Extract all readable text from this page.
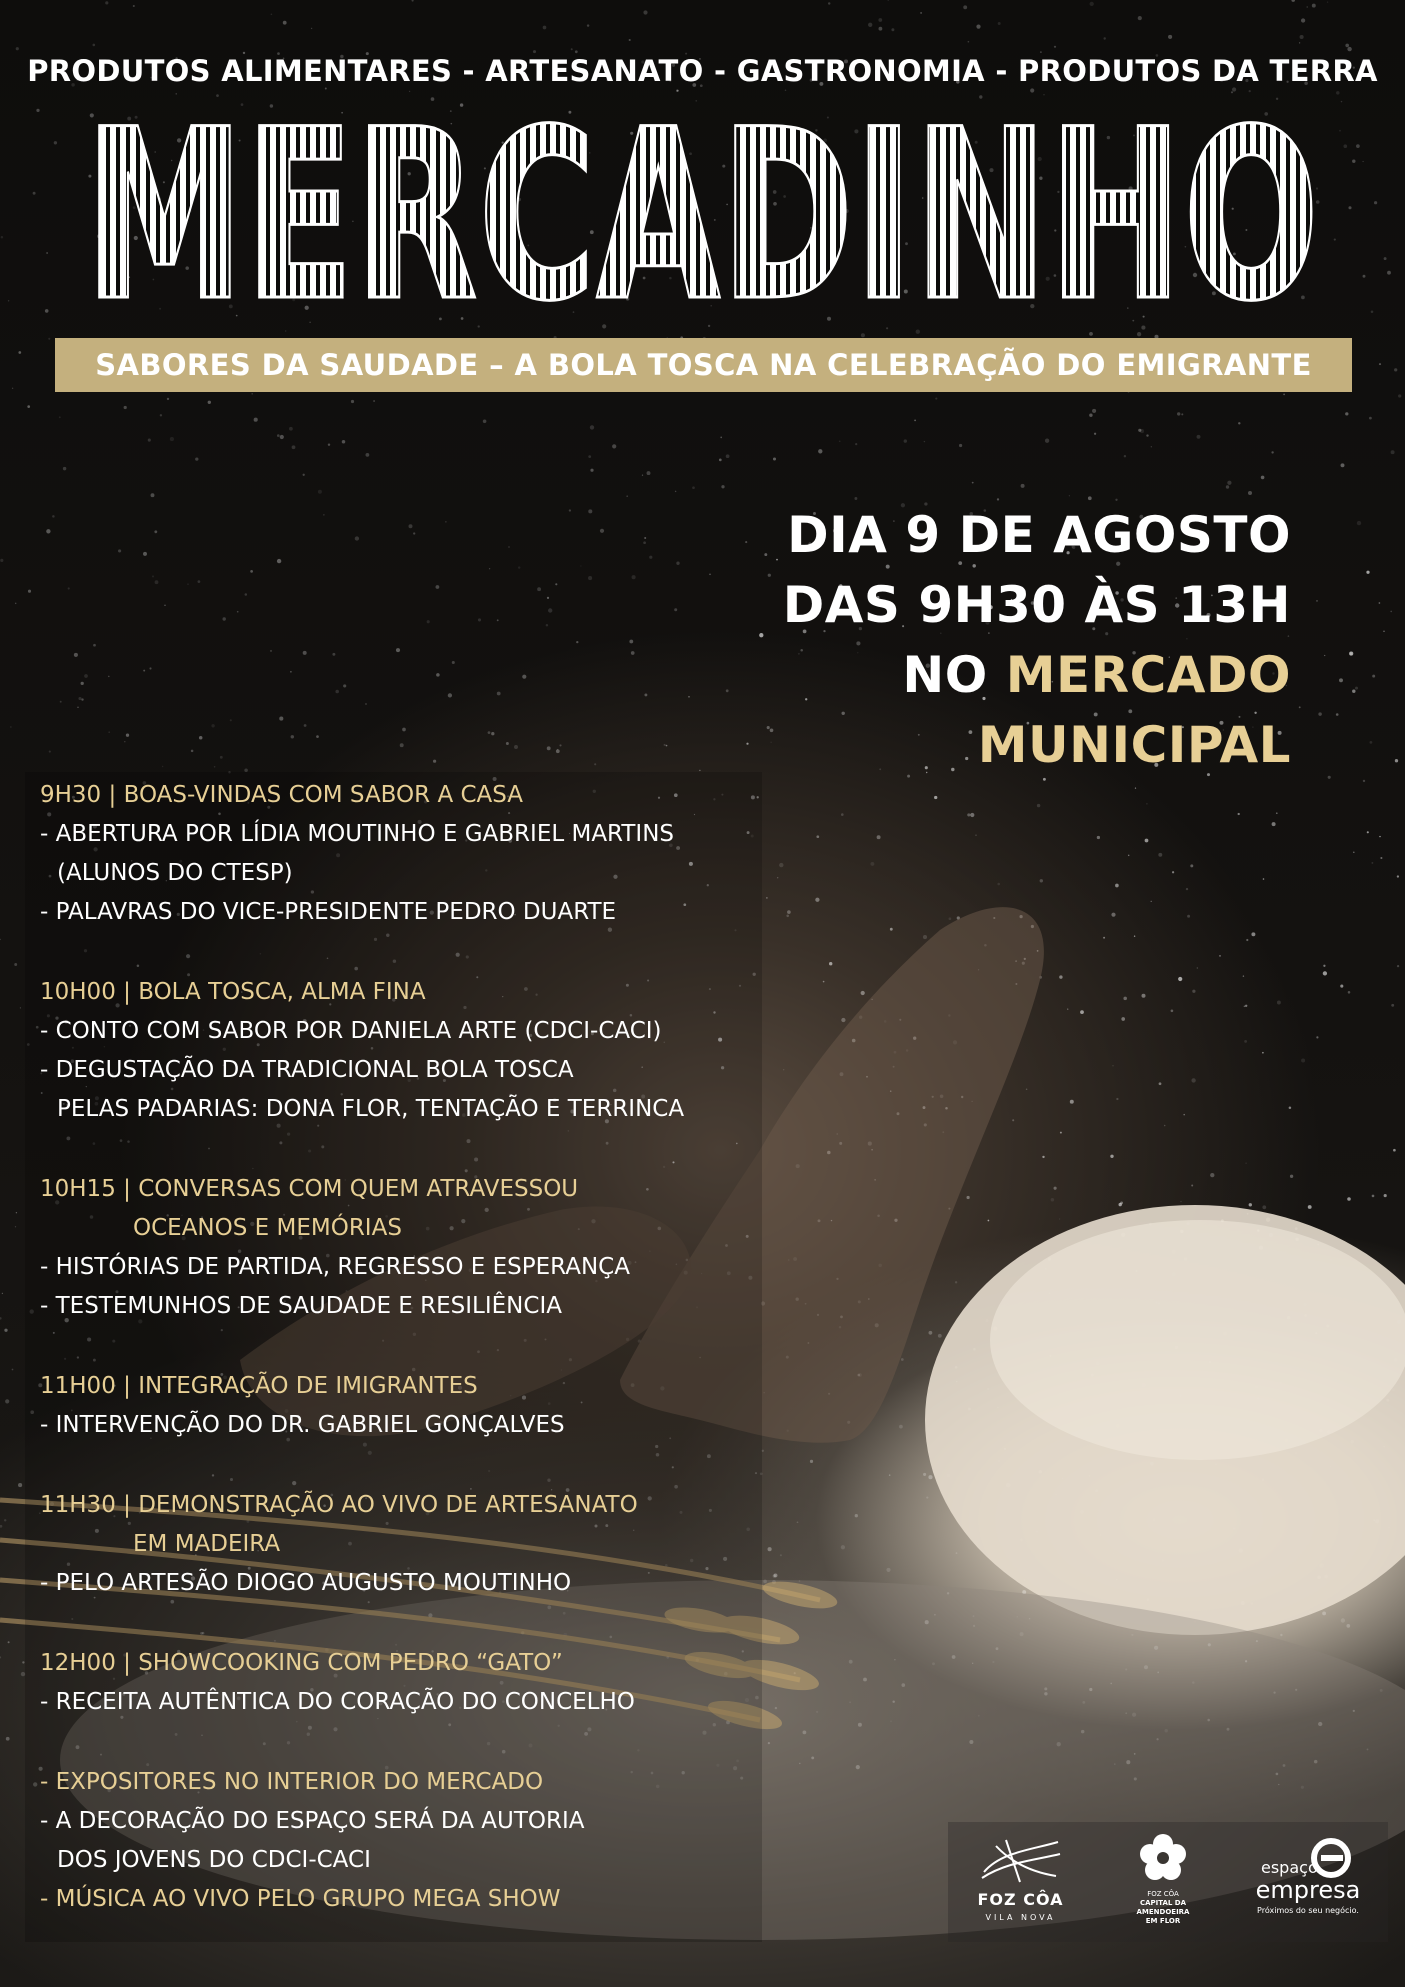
PRODUTOS ALIMENTARES - ARTESANATO - GASTRONOMIA - PRODUTOS DA TERRA
MERCADINHO
SABORES DA SAUDADE – A BOLA TOSCA NA CELEBRAÇÃO DO EMIGRANTE
DIA 9 DE AGOSTO
DAS 9H30 ÀS 13H
NO MERCADO
MUNICIPAL
9H30 | BOAS-VINDAS COM SABOR A CASA
- ABERTURA POR LÍDIA MOUTINHO E GABRIEL MARTINS
(ALUNOS DO CTESP)
- PALAVRAS DO VICE-PRESIDENTE PEDRO DUARTE
10H00 | BOLA TOSCA, ALMA FINA
- CONTO COM SABOR POR DANIELA ARTE (CDCI-CACI)
- DEGUSTAÇÃO DA TRADICIONAL BOLA TOSCA
PELAS PADARIAS: DONA FLOR, TENTAÇÃO E TERRINCA
10H15 | CONVERSAS COM QUEM ATRAVESSOU
OCEANOS E MEMÓRIAS
- HISTÓRIAS DE PARTIDA, REGRESSO E ESPERANÇA
- TESTEMUNHOS DE SAUDADE E RESILIÊNCIA
11H00 | INTEGRAÇÃO DE IMIGRANTES
- INTERVENÇÃO DO DR. GABRIEL GONÇALVES
11H30 | DEMONSTRAÇÃO AO VIVO DE ARTESANATO
EM MADEIRA
- PELO ARTESÃO DIOGO AUGUSTO MOUTINHO
12H00 | SHOWCOOKING COM PEDRO “GATO”
- RECEITA AUTÊNTICA DO CORAÇÃO DO CONCELHO
- EXPOSITORES NO INTERIOR DO MERCADO
- A DECORAÇÃO DO ESPAÇO SERÁ DA AUTORIA
DOS JOVENS DO CDCI-CACI
- MÚSICA AO VIVO PELO GRUPO MEGA SHOW	FOZ CÔA
VILA NOVA
FOZ CÔA
CAPITAL DA
AMENDOEIRA
EM FLOR
espaço
empresa
Próximos do seu negócio.
